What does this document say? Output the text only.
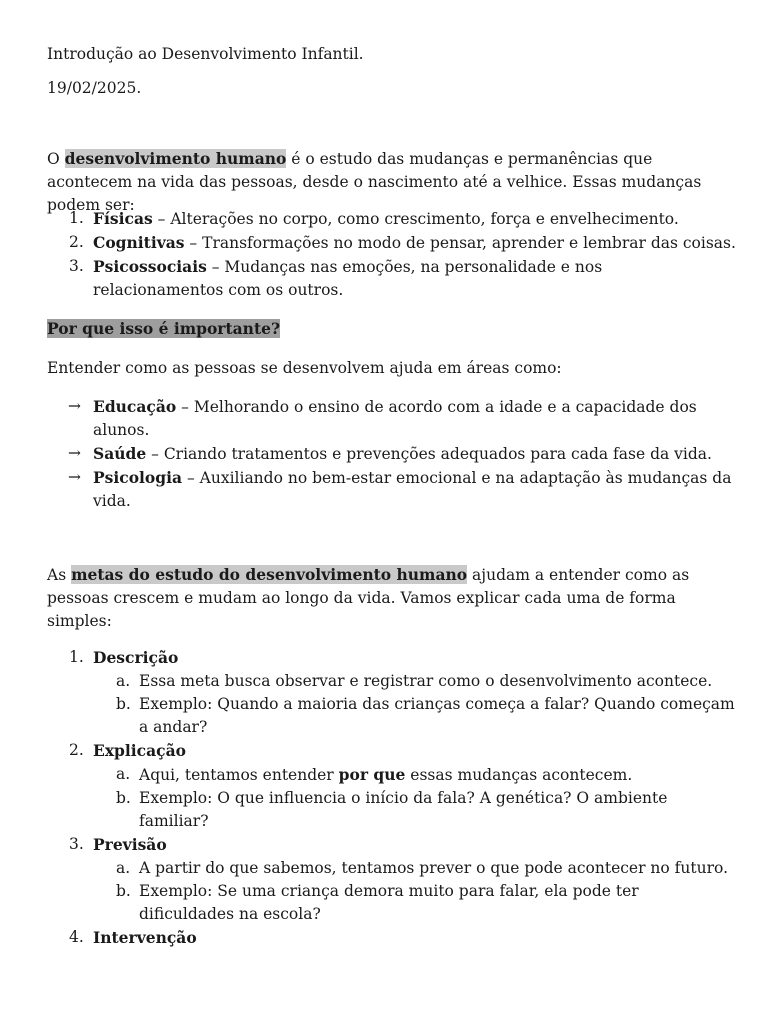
Introdução ao Desenvolvimento Infantil.
19/02/2025.

O desenvolvimento humano é o estudo das mudanças e permanências que acontecem na vida das pessoas, desde o nascimento até a velhice. Essas mudanças podem ser:

1. Físicas – Alterações no corpo, como crescimento, força e envelhecimento.
2. Cognitivas – Transformações no modo de pensar, aprender e lembrar das coisas.
3. Psicossociais – Mudanças nas emoções, na personalidade e nos relacionamentos com os outros.
Por que isso é importante?
Entender como as pessoas se desenvolvem ajuda em áreas como:
→ Educação – Melhorando o ensino de acordo com a idade e a capacidade dos alunos.
→ Saúde – Criando tratamentos e prevenções adequados para cada fase da vida.
→ Psicologia – Auxiliando no bem-estar emocional e na adaptação às mudanças da vida.

As metas do estudo do desenvolvimento humano ajudam a entender como as pessoas crescem e mudam ao longo da vida. Vamos explicar cada uma de forma simples:

1. Descrição
a. Essa meta busca observar e registrar como o desenvolvimento acontece.
b. Exemplo: Quando a maioria das crianças começa a falar? Quando começam a andar?
2. Explicação
a. Aqui, tentamos entender por que essas mudanças acontecem.
b. Exemplo: O que influencia o início da fala? A genética? O ambiente familiar?
3. Previsão
a. A partir do que sabemos, tentamos prever o que pode acontecer no futuro.
b. Exemplo: Se uma criança demora muito para falar, ela pode ter dificuldades na escola?
4. Intervenção
